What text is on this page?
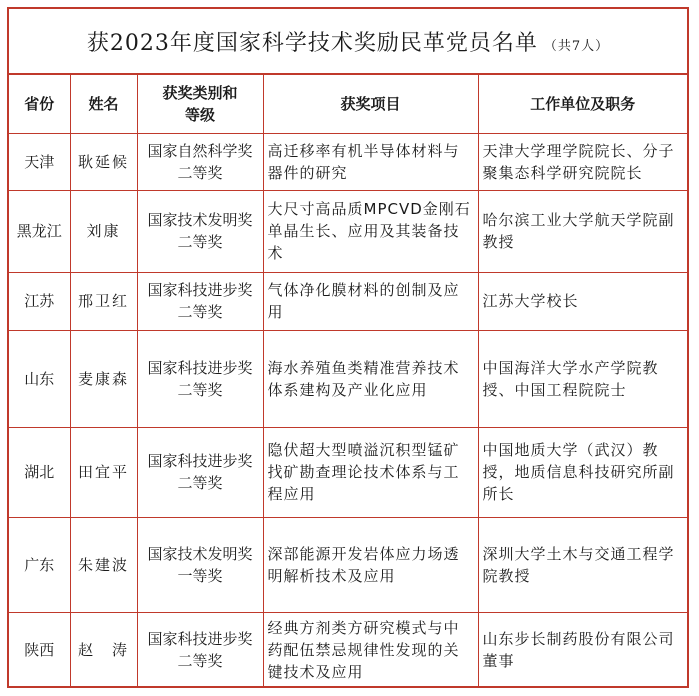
获2023年度国家科学技术奖励民革党员名单 （共7人）
省份	姓名	获奖类别和等级	获奖项目	工作单位及职务
天津	耿延候	国家自然科学奖二等奖	高迁移率有机半导体材料与器件的研究	天津大学理学院院长、分子聚集态科学研究院院长
黑龙江	刘康	国家技术发明奖二等奖	大尺寸高品质MPCVD金刚石单晶生长、应用及其装备技术	哈尔滨工业大学航天学院副教授
江苏	邢卫红	国家科技进步奖二等奖	气体净化膜材料的创制及应用	江苏大学校长
山东	麦康森	国家科技进步奖二等奖	海水养殖鱼类精准营养技术体系建构及产业化应用	中国海洋大学水产学院教授、中国工程院院士
湖北	田宜平	国家科技进步奖二等奖	隐伏超大型喷溢沉积型锰矿找矿勘查理论技术体系与工程应用	中国地质大学（武汉）教授，地质信息科技研究所副所长
广东	朱建波	国家技术发明奖一等奖	深部能源开发岩体应力场透明解析技术及应用	深圳大学土木与交通工程学院教授
陕西	赵　涛	国家科技进步奖二等奖	经典方剂类方研究模式与中药配伍禁忌规律性发现的关键技术及应用	山东步长制药股份有限公司董事
